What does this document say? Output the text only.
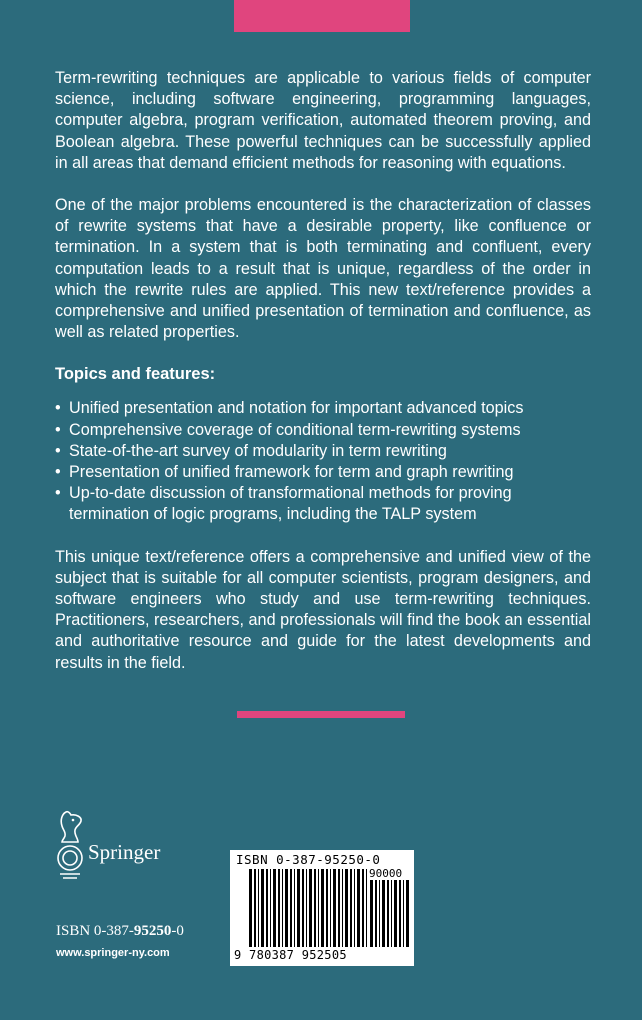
Term-rewriting techniques are applicable to various fields of computer science, including software engineering, programming languages, computer algebra, program verification, automated theorem proving, and Boolean algebra. These powerful techniques can be successfully applied in all areas that demand efficient methods for reasoning with equations.

One of the major problems encountered is the characterization of classes of rewrite systems that have a desirable property, like confluence or termination. In a system that is both terminating and confluent, every computation leads to a result that is unique, regardless of the order in which the rewrite rules are applied. This new text/reference provides a comprehensive and unified presentation of termination and confluence, as well as related properties.

Topics and features:
• Unified presentation and notation for important advanced topics
• Comprehensive coverage of conditional term-rewriting systems
• State-of-the-art survey of modularity in term rewriting
• Presentation of unified framework for term and graph rewriting
• Up-to-date discussion of transformational methods for proving termination of logic programs, including the TALP system

This unique text/reference offers a comprehensive and unified view of the subject that is suitable for all computer scientists, program designers, and software engineers who study and use term-rewriting techniques. Practitioners, researchers, and professionals will find the book an essential and authoritative resource and guide for the latest developments and results in the field.

Springer
ISBN 0-387-95250-0
www.springer-ny.com
ISBN 0-387-95250-0
90000
9 780387 952505
